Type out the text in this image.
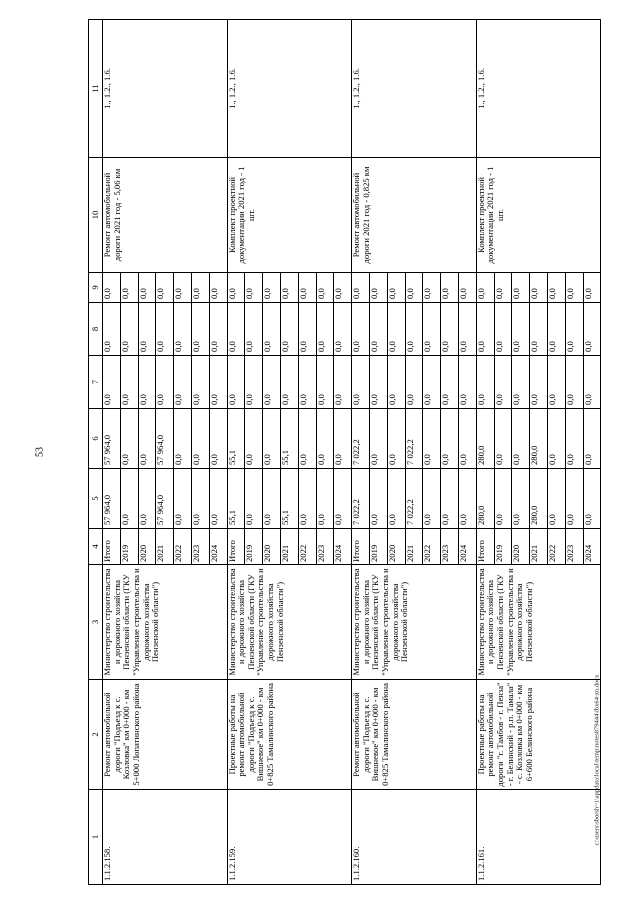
53
c:\users\sborsh~1\appdata\local\temp\notes879444\ibx64-zn.docx
1	2	3	4	5	6	7	8	9	10	11
1.1.2.158.	Ремонт автомобильной дороги "Подъезд к с. Козловка" км 0+000 - км 5+000 Лопатинского района	Министерство строительства и дорожного хозяйства Пензенской области (ГКУ "Управление строительства и дорожного хозяйства Пензенской области")	Итого	57 964,0	57 964,0	0,0	0,0	0,0	Ремонт автомобильной дороги 2021 год - 5,06 км	1., 1.2., 1.6.
			2019	0,0	0,0	0,0	0,0	0,0		
			2020	0,0	0,0	0,0	0,0	0,0		
			2021	57 964,0	57 964,0	0,0	0,0	0,0		
			2022	0,0	0,0	0,0	0,0	0,0		
			2023	0,0	0,0	0,0	0,0	0,0		
			2024	0,0	0,0	0,0	0,0	0,0		
1.1.2.159.	Проектные работы на ремонт автомобильной дороги "Подъезд к с. Вишневое" км 0+000 - км 0+825 Тамалинского района	Министерство строительства и дорожного хозяйства Пензенской области (ГКУ "Управление строительства и дорожного хозяйства Пензенской области")	Итого	55,1	55,1	0,0	0,0	0,0	Комплект проектной документации 2021 год - 1 шт.	1., 1.2., 1.6.
			2019	0,0	0,0	0,0	0,0	0,0		
			2020	0,0	0,0	0,0	0,0	0,0		
			2021	55,1	55,1	0,0	0,0	0,0		
			2022	0,0	0,0	0,0	0,0	0,0		
			2023	0,0	0,0	0,0	0,0	0,0		
			2024	0,0	0,0	0,0	0,0	0,0		
1.1.2.160.	Ремонт автомобильной дороги "Подъезд к с. Вишневое" км 0+000 - км 0+825 Тамалинского района	Министерство строительства и дорожного хозяйства Пензенской области (ГКУ "Управление строительства и дорожного хозяйства Пензенской области")	Итого	7 022,2	7 022,2	0,0	0,0	0,0	Ремонт автомобильной дороги 2021 год - 0,825 км	1., 1.2., 1.6.
			2019	0,0	0,0	0,0	0,0	0,0		
			2020	0,0	0,0	0,0	0,0	0,0		
			2021	7 022,2	7 022,2	0,0	0,0	0,0		
			2022	0,0	0,0	0,0	0,0	0,0		
			2023	0,0	0,0	0,0	0,0	0,0		
			2024	0,0	0,0	0,0	0,0	0,0		
1.1.2.161.	Проектные работы на ремонт автомобильной дороги "г. Тамбов - г. Пенза" - г. Белинский - р.п. Тамала" - с. Козловка км 0+000 - км 6+600 Белинского района	Министерство строительства и дорожного хозяйства Пензенской области (ГКУ "Управление строительства и дорожного хозяйства Пензенской области")	Итого	280,0	280,0	0,0	0,0	0,0	Комплект проектной документации 2021 год - 1 шт.	1., 1.2., 1.6.
			2019	0,0	0,0	0,0	0,0	0,0		
			2020	0,0	0,0	0,0	0,0	0,0		
			2021	280,0	280,0	0,0	0,0	0,0		
			2022	0,0	0,0	0,0	0,0	0,0		
			2023	0,0	0,0	0,0	0,0	0,0		
			2024	0,0	0,0	0,0	0,0	0,0		
